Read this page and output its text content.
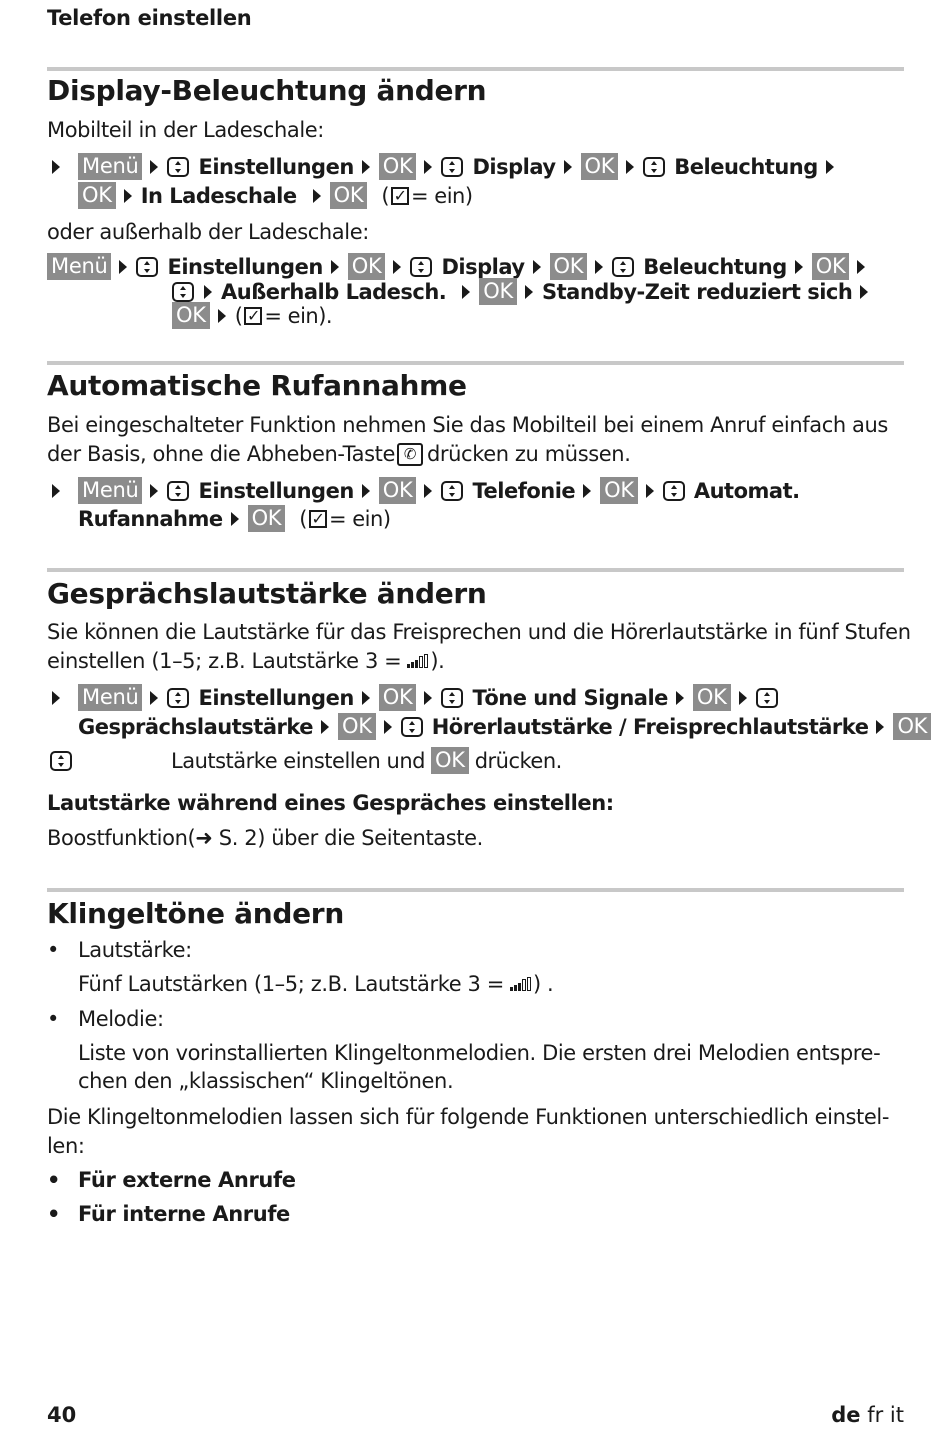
Telefon einstellen
Display-Beleuchtung ändern
Mobilteil in der Ladeschale:
Menü	Einstellungen OK	Display OK	Beleuchtung
OK In Ladeschale OK ( ✓ = ein)
oder außerhalb der Ladeschale:
Menü	Einstellungen OK	Display OK	Beleuchtung OK
Außerhalb Ladesch. OK Standby-Zeit reduziert sich
OK ( ✓ = ein).
Automatische Rufannahme
Bei eingeschalteter Funktion nehmen Sie das Mobilteil bei einem Anruf einfach aus
der Basis, ohne die Abheben-Taste ✆ drücken zu müssen.
Menü	Einstellungen OK	Telefonie OK	Automat.
Rufannahme OK ( ✓ = ein)
Gesprächslautstärke ändern
Sie können die Lautstärke für das Freisprechen und die Hörerlautstärke in fünf Stufen
einstellen (1–5; z.B. Lautstärke 3 = ).
Menü	Einstellungen OK	Töne und Signale OK
Gesprächslautstärke OK	Hörerlautstärke / Freisprechlautstärke OK
Lautstärke einstellen und OK drücken.
Lautstärke während eines Gespräches einstellen:
Boostfunktion(➜ S. 2) über die Seitentaste.
Klingeltöne ändern
• Lautstärke:
Fünf Lautstärken (1–5; z.B. Lautstärke 3 = ) .
• Melodie:
Liste von vorinstallierten Klingeltonmelodien. Die ersten drei Melodien entspre-
chen den „klassischen“ Klingeltönen.
Die Klingeltonmelodien lassen sich für folgende Funktionen unterschiedlich einstel-
len:
• Für externe Anrufe
• Für interne Anrufe
40	de fr it
